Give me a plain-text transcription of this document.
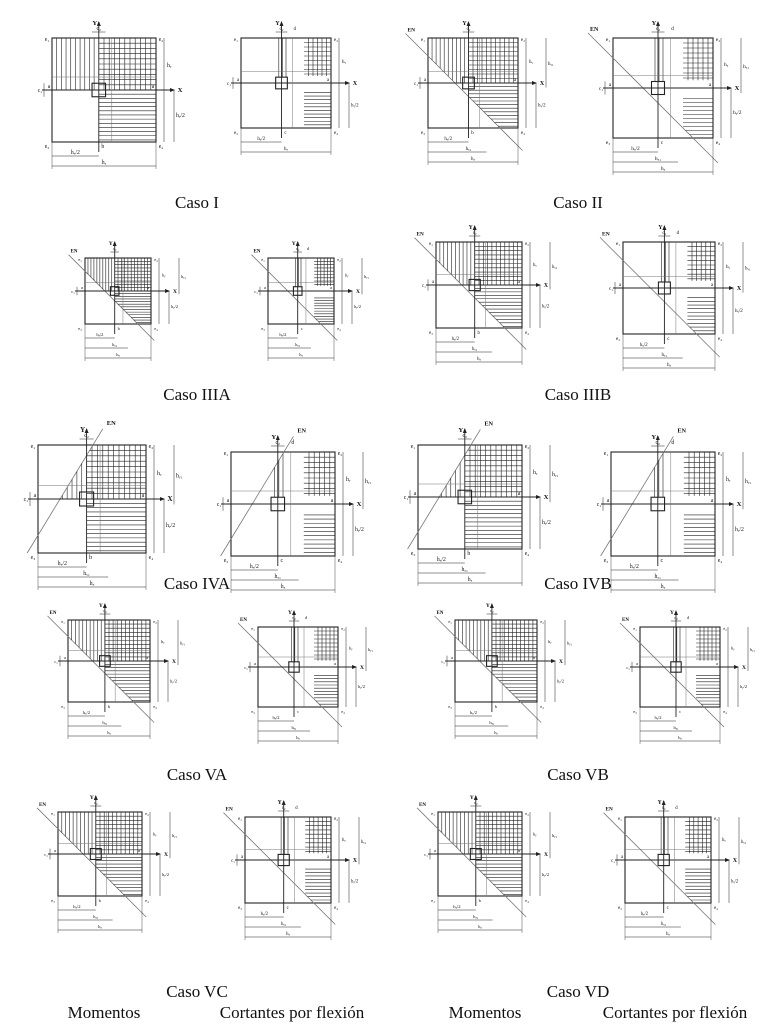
Y
X
c₂
c₁
e₁	e₂
e₃	e₄
a	a
b
hᵧ
hᵧ/2
hₓ/2
hₓ
Y
X
c₂ d
c₁
e₁	e₂
e₃	e₄
a	a
c
hᵧ
hᵧ/2
hₓ/2
hₓ
EN
Y
X
c₂
c₁
e₁	e₂
e₃	e₄
a	a
b
hᵧ
hᵧ/2
hᵧ₁
hₓ/2
hₓ₁
hₓ
EN
Y
X
c₂ d
c₁
e₁	e₂
e₃	e₄
a	a
c
hᵧ
hᵧ/2
hᵧ₁
hₓ/2
hₓ₁
hₓ
EN
Y
X
c₂
c₁
e₁	e₂
e₃	e₄
a	a
b
hᵧ
hᵧ/2
hᵧ₁
hₓ/2
hₓ₁
hₓ
EN
Y
X
c₂ d
c₁
e₁	e₂
e₃	e₄
a	a
c
hᵧ
hᵧ/2
hᵧ₁
hₓ/2
hₓ₁
hₓ
EN
Y
X
c₂
c₁
e₁	e₂
e₃	e₄
a	a
b
hᵧ
hᵧ/2
hᵧ₁
hₓ/2
hₓ₁
hₓ
EN
Y
X
c₂ d
c₁
e₁	e₂
e₃	e₄
a	a
c
hᵧ
hᵧ/2
hᵧ₁
hₓ/2
hₓ₁
hₓ
EN
Y
X
c₂
c₁
e₁	e₂
e₃	e₄
a	a
b
hᵧ
hᵧ/2
hᵧ₁
hₓ/2
hₓ₁
hₓ
EN
Y
X
c₂ d
c₁
e₁	e₂
e₃	e₄
a	a
c
hᵧ
hᵧ/2
hᵧ₁
hₓ/2
hₓ₁
hₓ
EN
Y
X
c₂
c₁
e₁	e₂
e₃	e₄
a	a
b
hᵧ
hᵧ/2
hᵧ₁
hₓ/2
hₓ₁
hₓ
EN
Y
X
c₂ d
c₁
e₁	e₂
e₃	e₄
a	a
c
hᵧ
hᵧ/2
hᵧ₁
hₓ/2
hₓ₁
hₓ
EN
Y
X
c₂
c₁
e₁	e₂
e₃	e₄
a	a
b
hᵧ
hᵧ/2
hᵧ₁
hₓ/2
hₓ₁
hₓ
EN
Y
X
c₂ d
c₁
e₁	e₂
e₃	e₄
a	a
c
hᵧ
hᵧ/2
hᵧ₁
hₓ/2
hₓ₁
hₓ
EN
Y
X
c₂
c₁
e₁	e₂
e₃	e₄
a	a
b
hᵧ
hᵧ/2
hᵧ₁
hₓ/2
hₓ₁
hₓ
EN
Y
X
c₂ d
c₁
e₁	e₂
e₃	e₄
a	a
c
hᵧ
hᵧ/2
hᵧ₁
hₓ/2
hₓ₁
hₓ
EN
Y
X
c₂
c₁
e₁	e₂
e₃	e₄
a	a
b
hᵧ
hᵧ/2
hᵧ₁
hₓ/2
hₓ₁
hₓ
EN
Y
X
c₂ d
c₁
e₁	e₂
e₃	e₄
a	a
c
hᵧ
hᵧ/2
hᵧ₁
hₓ/2
hₓ₁
hₓ
EN
Y
X
c₂
c₁
e₁	e₂
e₃	e₄
a	a
b
hᵧ
hᵧ/2
hᵧ₁
hₓ/2
hₓ₁
hₓ
EN
Y
X
c₂ d
c₁
e₁	e₂
e₃	e₄
a	a
c
hᵧ
hᵧ/2
hᵧ₁
hₓ/2
hₓ₁
hₓ
Caso I	Caso II
Caso IIIA	Caso IIIB
Caso IVA	Caso IVB
Caso VA	Caso VB
Caso VC	Caso VD
Momentos	Cortantes por flexión	Momentos	Cortantes por flexión
